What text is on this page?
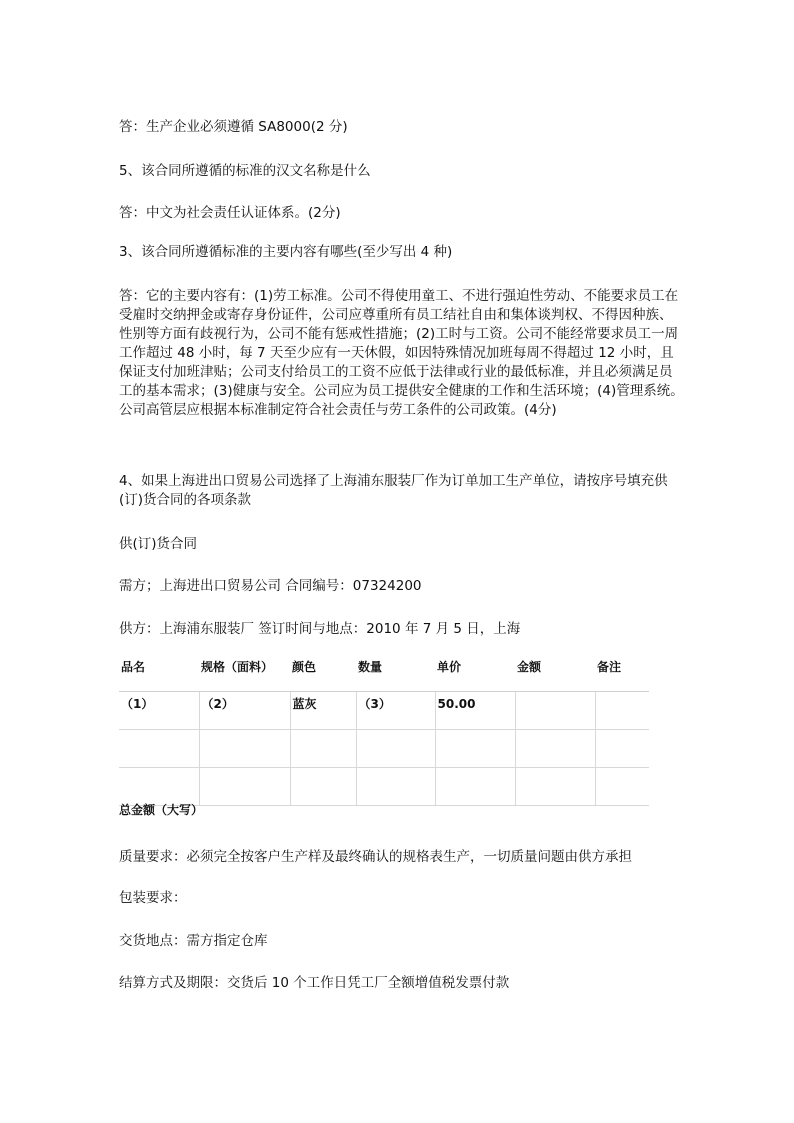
答：生产企业必须遵循 SA8000(2 分)

5、该合同所遵循的标准的汉文名称是什么

答：中文为社会责任认证体系。(2分)

3、该合同所遵循标准的主要内容有哪些(至少写出 4 种)

答：它的主要内容有：(1)劳工标准。公司不得使用童工、不进行强迫性劳动、不能要求员工在受雇时交纳押金或寄存身份证件，公司应尊重所有员工结社自由和集体谈判权、不得因种族、性别等方面有歧视行为，公司不能有惩戒性措施；(2)工时与工资。公司不能经常要求员工一周工作超过 48 小时，每 7 天至少应有一天休假，如因特殊情况加班每周不得超过 12 小时，且保证支付加班津贴；公司支付给员工的工资不应低于法律或行业的最低标准，并且必须满足员工的基本需求；(3)健康与安全。公司应为员工提供安全健康的工作和生活环境；(4)管理系统。公司高管层应根据本标准制定符合社会责任与劳工条件的公司政策。(4分)

4、如果上海进出口贸易公司选择了上海浦东服装厂作为订单加工生产单位，请按序号填充供(订)货合同的各项条款

供(订)货合同

需方；上海进出口贸易公司 合同编号：07324200

供方：上海浦东服装厂 签订时间与地点：2010 年 7 月 5 日，上海

品名	规格（面料）	颜色	数量	单价	金额	备注
（1）	（2）	蓝灰	（3）	50.00		

总金额（大写）

质量要求：必须完全按客户生产样及最终确认的规格表生产，一切质量问题由供方承担

包装要求：

交货地点：需方指定仓库

结算方式及期限：交货后 10 个工作日凭工厂全额增值税发票付款
